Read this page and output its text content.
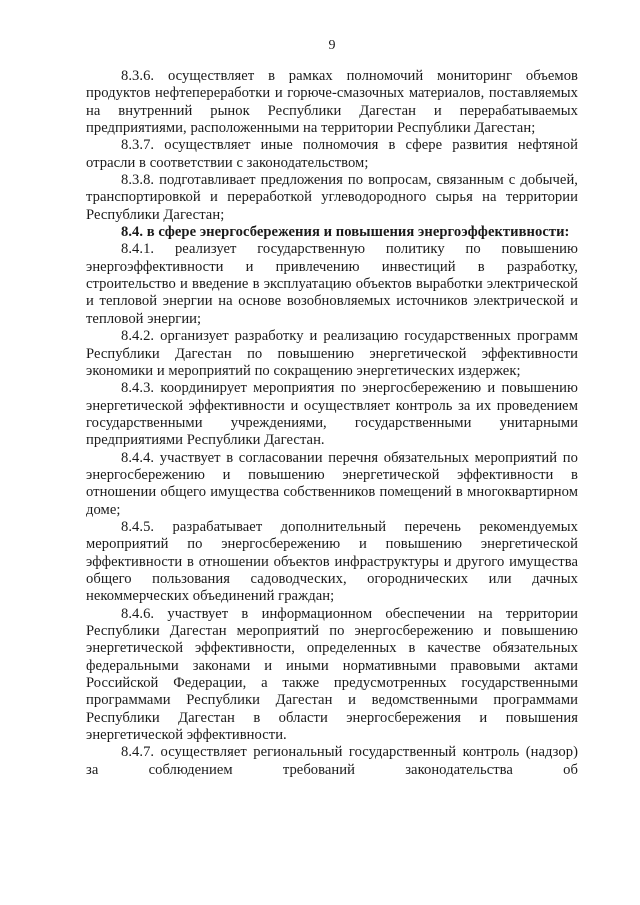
9

8.3.6. осуществляет в рамках полномочий мониторинг объемов продуктов нефтепереработки и горюче-смазочных материалов, поставляемых на внутренний рынок Республики Дагестан и перерабатываемых предприятиями, расположенными на территории Республики Дагестан;

8.3.7. осуществляет иные полномочия в сфере развития нефтяной отрасли в соответствии с законодательством;

8.3.8. подготавливает предложения по вопросам, связанным с добычей, транспортировкой и переработкой углеводородного сырья на территории Республики Дагестан;

8.4. в сфере энергосбережения и повышения энергоэффективности:

8.4.1. реализует государственную политику по повышению энергоэффективности и привлечению инвестиций в разработку, строительство и введение в эксплуатацию объектов выработки электрической и тепловой энергии на основе возобновляемых источников электрической и тепловой энергии;

8.4.2. организует разработку и реализацию государственных программ Республики Дагестан по повышению энергетической эффективности экономики и мероприятий по сокращению энергетических издержек;

8.4.3. координирует мероприятия по энергосбережению и повышению энергетической эффективности и осуществляет контроль за их проведением государственными учреждениями, государственными унитарными предприятиями Республики Дагестан.

8.4.4. участвует в согласовании перечня обязательных мероприятий по энергосбережению и повышению энергетической эффективности в отношении общего имущества собственников помещений в многоквартирном доме;

8.4.5. разрабатывает дополнительный перечень рекомендуемых мероприятий по энергосбережению и повышению энергетической эффективности в отношении объектов инфраструктуры и другого имущества общего пользования садоводческих, огороднических или дачных некоммерческих объединений граждан;

8.4.6. участвует в информационном обеспечении на территории Республики Дагестан мероприятий по энергосбережению и повышению энергетической эффективности, определенных в качестве обязательных федеральными законами и иными нормативными правовыми актами Российской Федерации, а также предусмотренных государственными программами Республики Дагестан и ведомственными программами Республики Дагестан в области энергосбережения и повышения энергетической эффективности.

8.4.7. осуществляет региональный государственный контроль (надзор) за соблюдением требований законодательства об
